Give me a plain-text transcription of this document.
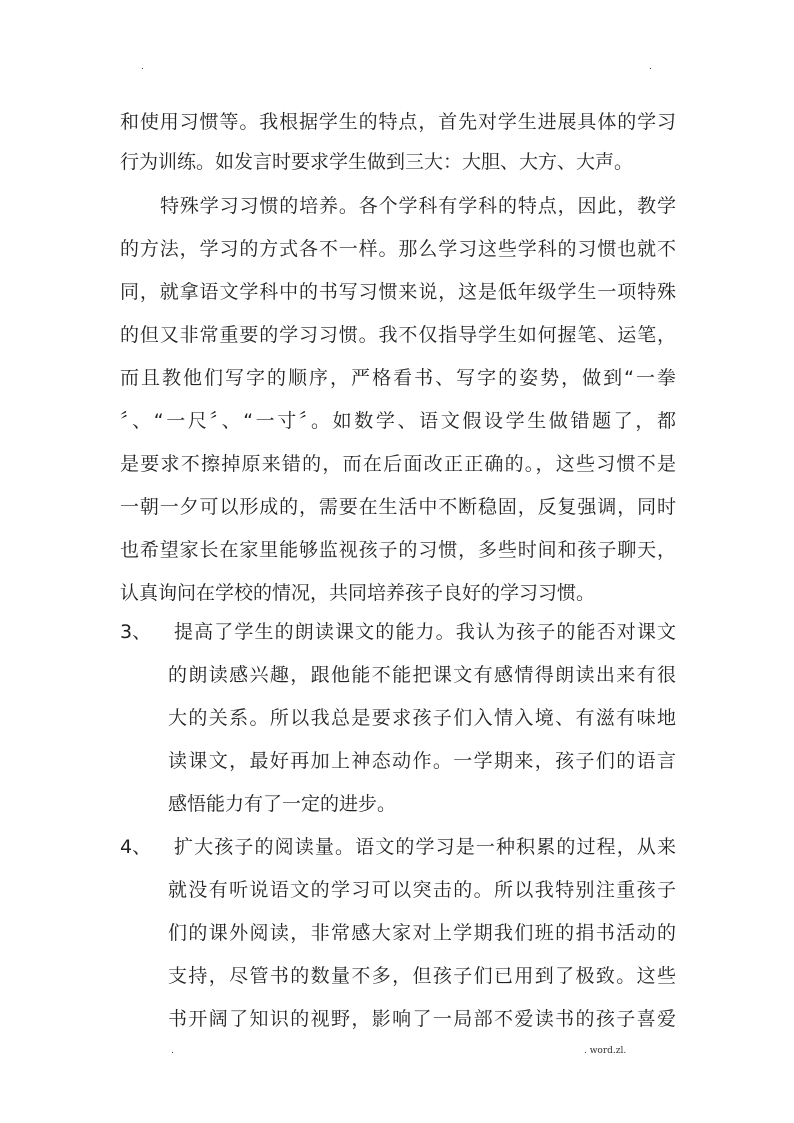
.	.
和使用习惯等。我根据学生的特点，首先对学生进展具体的学习
行为训练。如发言时要求学生做到三大：大胆、大方、大声。
特殊学习习惯的培养。各个学科有学科的特点，因此，教学
的方法，学习的方式各不一样。那么学习这些学科的习惯也就不
同，就拿语文学科中的书写习惯来说，这是低年级学生一项特殊
的但又非常重要的学习习惯。我不仅指导学生如何握笔、运笔，
而且教他们写字的顺序，严格看书、写字的姿势，做到“一拳
〞、“一尺〞、“一寸〞。如数学、语文假设学生做错题了，都
是要求不擦掉原来错的，而在后面改正正确的。，这些习惯不是
一朝一夕可以形成的，需要在生活中不断稳固，反复强调，同时
也希望家长在家里能够监视孩子的习惯，多些时间和孩子聊天，
认真询问在学校的情况，共同培养孩子良好的学习习惯。
3、 提高了学生的朗读课文的能力。我认为孩子的能否对课文
的朗读感兴趣，跟他能不能把课文有感情得朗读出来有很
大的关系。所以我总是要求孩子们入情入境、有滋有味地
读课文，最好再加上神态动作。一学期来，孩子们的语言
感悟能力有了一定的进步。
4、 扩大孩子的阅读量。语文的学习是一种积累的过程，从来
就没有听说语文的学习可以突击的。所以我特别注重孩子
们的课外阅读，非常感大家对上学期我们班的捐书活动的
支持，尽管书的数量不多，但孩子们已用到了极致。这些
书开阔了知识的视野，影响了一局部不爱读书的孩子喜爱
.	. word.zl.
